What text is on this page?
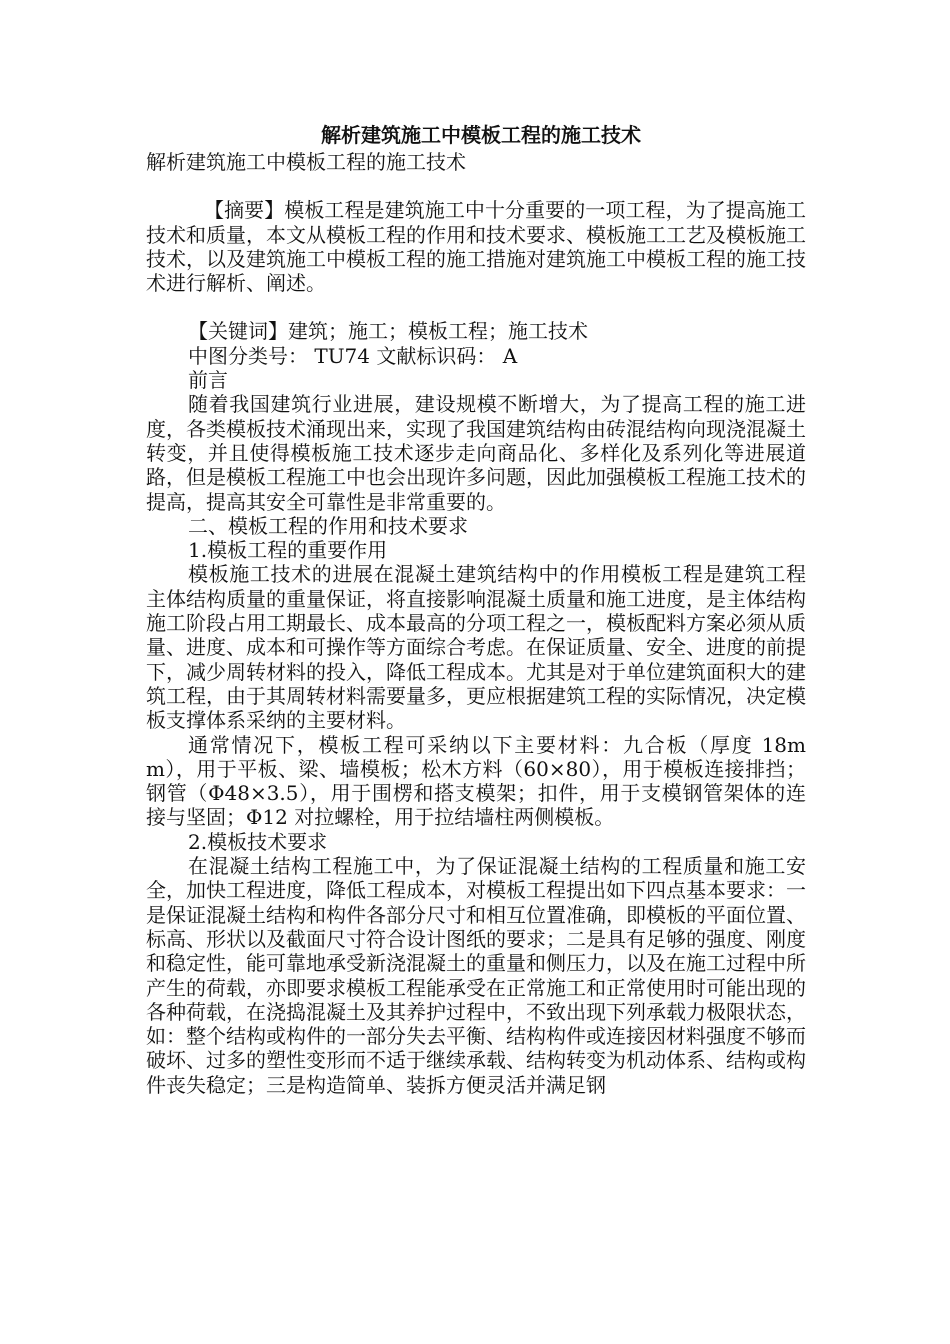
解析建筑施工中模板工程的施工技术

解析建筑施工中模板工程的施工技术

【摘要】模板工程是建筑施工中十分重要的一项工程，为了提高施工技术和质量，本文从模板工程的作用和技术要求、模板施工工艺及模板施工技术，以及建筑施工中模板工程的施工措施对建筑施工中模板工程的施工技术进行解析、阐述。

【关键词】建筑；施工；模板工程；施工技术

中图分类号： TU74 文献标识码： A

前言

随着我国建筑行业进展，建设规模不断增大，为了提高工程的施工进度，各类模板技术涌现出来，实现了我国建筑结构由砖混结构向现浇混凝土转变，并且使得模板施工技术逐步走向商品化、多样化及系列化等进展道路，但是模板工程施工中也会出现许多问题，因此加强模板工程施工技术的提高，提高其安全可靠性是非常重要的。

二、模板工程的作用和技术要求

1.模板工程的重要作用

模板施工技术的进展在混凝土建筑结构中的作用模板工程是建筑工程主体结构质量的重量保证，将直接影响混凝土质量和施工进度，是主体结构施工阶段占用工期最长、成本最高的分项工程之一，模板配料方案必须从质量、进度、成本和可操作等方面综合考虑。在保证质量、安全、进度的前提下，减少周转材料的投入，降低工程成本。尤其是对于单位建筑面积大的建筑工程，由于其周转材料需要量多，更应根据建筑工程的实际情况，决定模板支撑体系采纳的主要材料。

通常情况下，模板工程可采纳以下主要材料：九合板（厚度 18mm），用于平板、梁、墙模板；松木方料（60×80），用于模板连接排挡；钢管（Φ48×3.5），用于围楞和搭支模架；扣件，用于支模钢管架体的连接与坚固；Φ12 对拉螺栓，用于拉结墙柱两侧模板。

2.模板技术要求

在混凝土结构工程施工中，为了保证混凝土结构的工程质量和施工安全，加快工程进度，降低工程成本，对模板工程提出如下四点基本要求：一是保证混凝土结构和构件各部分尺寸和相互位置准确，即模板的平面位置、标高、形状以及截面尺寸符合设计图纸的要求；二是具有足够的强度、刚度和稳定性，能可靠地承受新浇混凝土的重量和侧压力，以及在施工过程中所产生的荷载，亦即要求模板工程能承受在正常施工和正常使用时可能出现的各种荷载，在浇捣混凝土及其养护过程中，不致出现下列承载力极限状态，如：整个结构或构件的一部分失去平衡、结构构件或连接因材料强度不够而破坏、过多的塑性变形而不适于继续承载、结构转变为机动体系、结构或构件丧失稳定；三是构造简单、装拆方便灵活并满足钢
